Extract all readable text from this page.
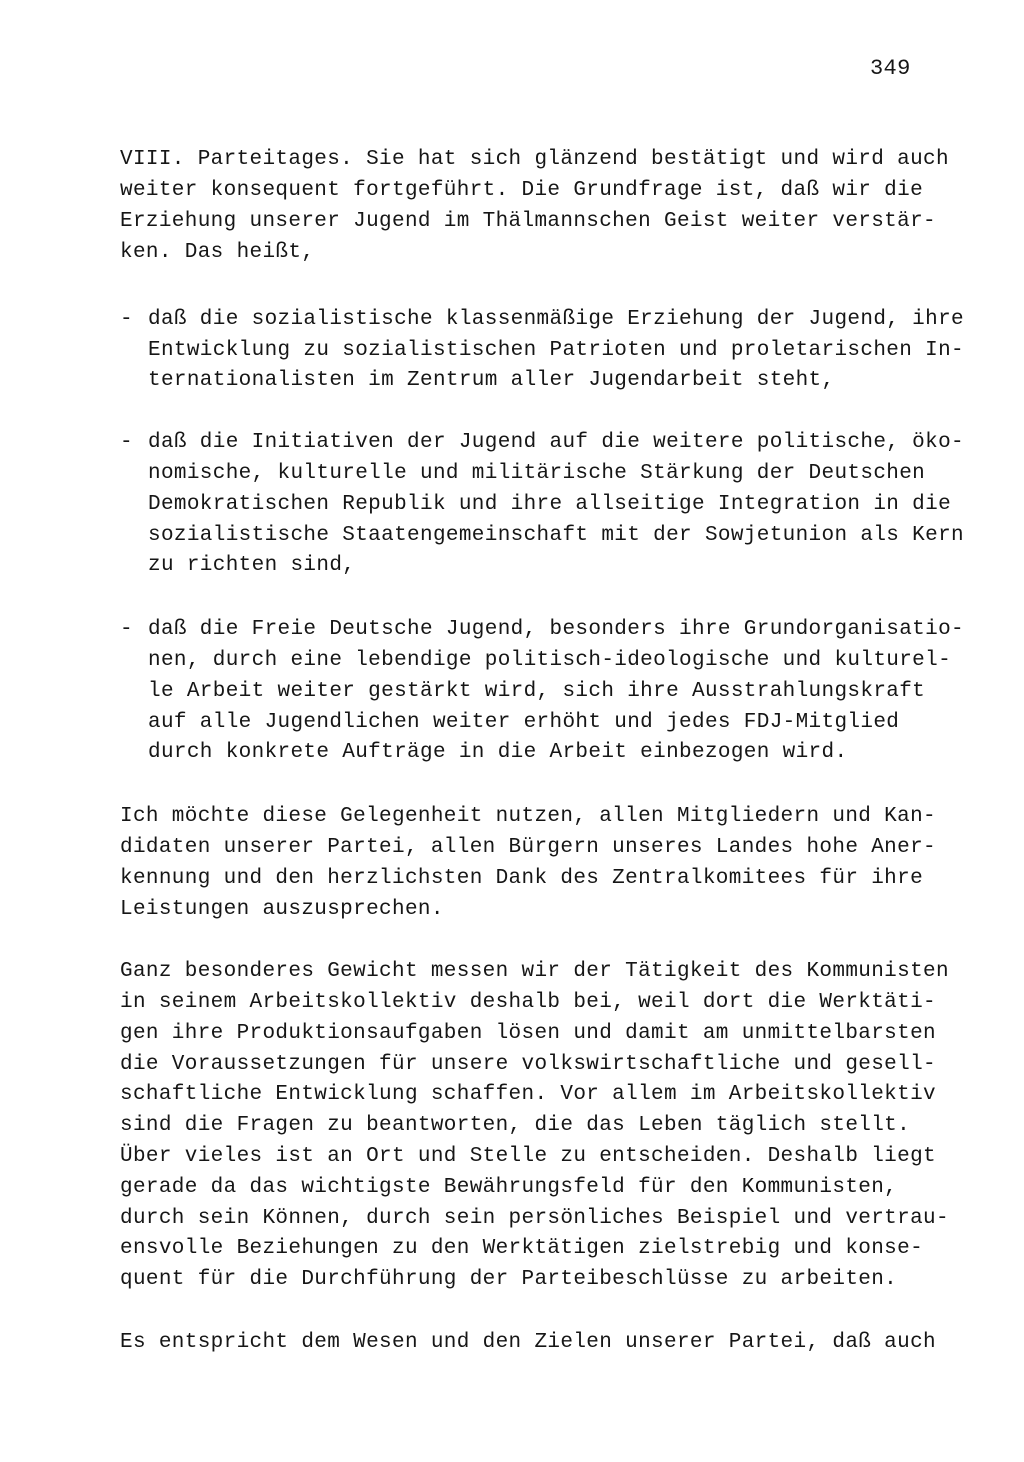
349
VIII. Parteitages. Sie hat sich glänzend bestätigt und wird auch
weiter konsequent fortgeführt. Die Grundfrage ist, daß wir die
Erziehung unserer Jugend im Thälmannschen Geist weiter verstär-
ken. Das heißt,
- daß die sozialistische klassenmäßige Erziehung der Jugend, ihre
Entwicklung zu sozialistischen Patrioten und proletarischen In-
ternationalisten im Zentrum aller Jugendarbeit steht,
- daß die Initiativen der Jugend auf die weitere politische, öko-
nomische, kulturelle und militärische Stärkung der Deutschen
Demokratischen Republik und ihre allseitige Integration in die
sozialistische Staatengemeinschaft mit der Sowjetunion als Kern
zu richten sind,
- daß die Freie Deutsche Jugend, besonders ihre Grundorganisatio-
nen, durch eine lebendige politisch-ideologische und kulturel-
le Arbeit weiter gestärkt wird, sich ihre Ausstrahlungskraft
auf alle Jugendlichen weiter erhöht und jedes FDJ-Mitglied
durch konkrete Aufträge in die Arbeit einbezogen wird.
Ich möchte diese Gelegenheit nutzen, allen Mitgliedern und Kan-
didaten unserer Partei, allen Bürgern unseres Landes hohe Aner-
kennung und den herzlichsten Dank des Zentralkomitees für ihre
Leistungen auszusprechen.
Ganz besonderes Gewicht messen wir der Tätigkeit des Kommunisten
in seinem Arbeitskollektiv deshalb bei, weil dort die Werktäti-
gen ihre Produktionsaufgaben lösen und damit am unmittelbarsten
die Voraussetzungen für unsere volkswirtschaftliche und gesell-
schaftliche Entwicklung schaffen. Vor allem im Arbeitskollektiv
sind die Fragen zu beantworten, die das Leben täglich stellt.
Über vieles ist an Ort und Stelle zu entscheiden. Deshalb liegt
gerade da das wichtigste Bewährungsfeld für den Kommunisten,
durch sein Können, durch sein persönliches Beispiel und vertrau-
ensvolle Beziehungen zu den Werktätigen zielstrebig und konse-
quent für die Durchführung der Parteibeschlüsse zu arbeiten.
Es entspricht dem Wesen und den Zielen unserer Partei, daß auch
